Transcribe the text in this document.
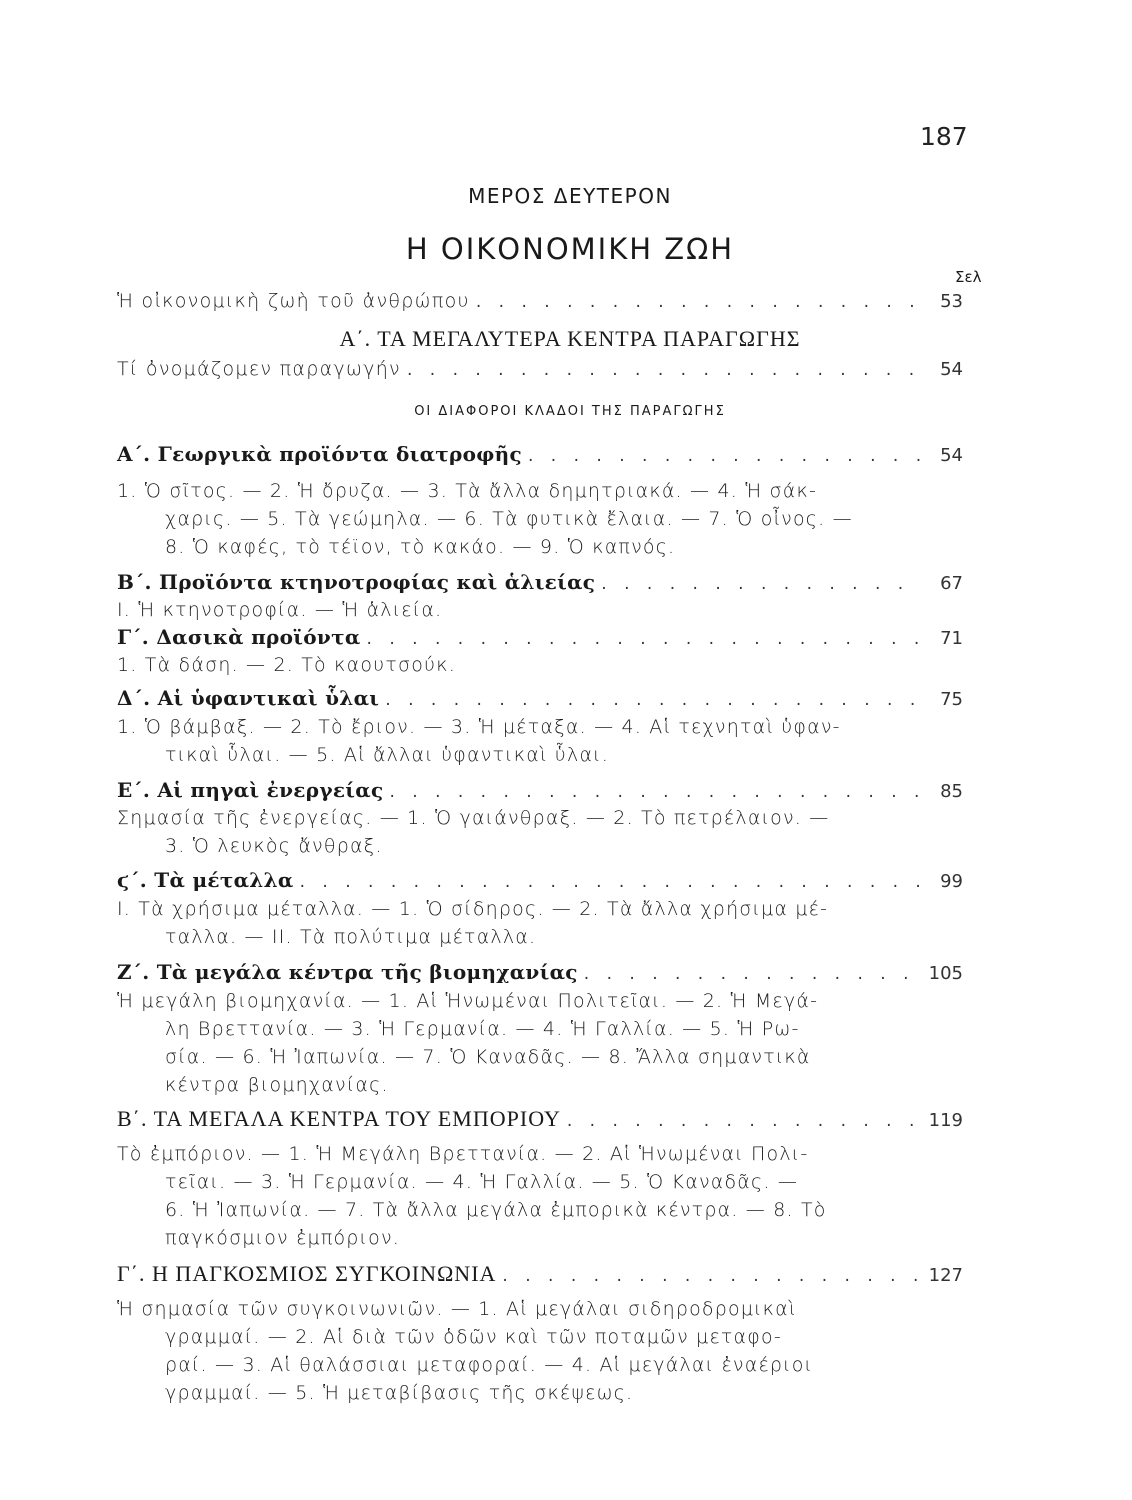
187
ΜΕΡΟΣ ΔΕΥΤΕΡΟΝ
Η ΟΙΚΟΝΟΜΙΚΗ ΖΩΗ
Σελ
Ἡ οἰκονομικὴ ζωὴ τοῦ ἀνθρώπου . . .	53
Α΄. ΤΑ ΜΕΓΑΛΥΤΕΡΑ ΚΕΝΤΡΑ ΠΑΡΑΓΩΓΗΣ
Τί ὀνομάζομεν παραγωγήν . . .	54
ΟΙ ΔΙΑΦΟΡΟΙ ΚΛΑΔΟΙ ΤΗΣ ΠΑΡΑΓΩΓΗΣ
Α΄. Γεωργικὰ προϊόντα διατροφῆς . . .	54
1. Ὁ σῖτος. — 2. Ἡ ὄρυζα. — 3. Τὰ ἄλλα δημητριακά. — 4. Ἡ σάκ-
χαρις. — 5. Τὰ γεώμηλα. — 6. Τὰ φυτικὰ ἔλαια. — 7. Ὁ οἶνος. —
8. Ὁ καφές, τὸ τέϊον, τὸ κακάο. — 9. Ὁ καπνός.
Β΄. Προϊόντα κτηνοτροφίας καὶ ἁλιείας . . .	67
I. Ἡ κτηνοτροφία. — Ἡ ἁλιεία.
Γ΄. Δασικὰ προϊόντα . . .	71
1. Τὰ δάση. — 2. Τὸ καουτσούκ.
Δ΄. Αἱ ὑφαντικαὶ ὗλαι . . .	75
1. Ὁ βάμβαξ. — 2. Τὸ ἔριον. — 3. Ἡ μέταξα. — 4. Αἱ τεχνηταὶ ὑφαν-
τικαὶ ὗλαι. — 5. Αἱ ἄλλαι ὑφαντικαὶ ὗλαι.
Ε΄. Αἱ πηγαὶ ἐνεργείας . . .	85
Σημασία τῆς ἐνεργείας. — 1. Ὁ γαιάνθραξ. — 2. Τὸ πετρέλαιον. —
3. Ὁ λευκὸς ἄνθραξ.
ϛ΄. Τὰ μέταλλα . . .	99
I. Τὰ χρήσιμα μέταλλα. — 1. Ὁ σίδηρος. — 2. Τὰ ἄλλα χρήσιμα μέ-
ταλλα. — II. Τὰ πολύτιμα μέταλλα.
Ζ΄. Τὰ μεγάλα κέντρα τῆς βιομηχανίας . . .	105
Ἡ μεγάλη βιομηχανία. — 1. Αἱ Ἡνωμέναι Πολιτεῖαι. — 2. Ἡ Μεγά-
λη Βρεττανία. — 3. Ἡ Γερμανία. — 4. Ἡ Γαλλία. — 5. Ἡ Ρω-
σία. — 6. Ἡ Ἰαπωνία. — 7. Ὁ Καναδᾶς. — 8. Ἄλλα σημαντικὰ
κέντρα βιομηχανίας.
Β΄. ΤΑ ΜΕΓΑΛΑ ΚΕΝΤΡΑ ΤΟΥ ΕΜΠΟΡΙΟΥ . . .	119
Τὸ ἐμπόριον. — 1. Ἡ Μεγάλη Βρεττανία. — 2. Αἱ Ἡνωμέναι Πολι-
τεῖαι. — 3. Ἡ Γερμανία. — 4. Ἡ Γαλλία. — 5. Ὁ Καναδᾶς. —
6. Ἡ Ἰαπωνία. — 7. Τὰ ἄλλα μεγάλα ἐμπορικὰ κέντρα. — 8. Τὸ
παγκόσμιον ἐμπόριον.
Γ΄. Η ΠΑΓΚΟΣΜΙΟΣ ΣΥΓΚΟΙΝΩΝΙΑ . . .	127
Ἡ σημασία τῶν συγκοινωνιῶν. — 1. Αἱ μεγάλαι σιδηροδρομικαὶ
γραμμαί. — 2. Αἱ διὰ τῶν ὁδῶν καὶ τῶν ποταμῶν μεταφο-
ραί. — 3. Αἱ θαλάσσιαι μεταφοραί. — 4. Αἱ μεγάλαι ἐναέριοι
γραμμαί. — 5. Ἡ μεταβίβασις τῆς σκέψεως.
